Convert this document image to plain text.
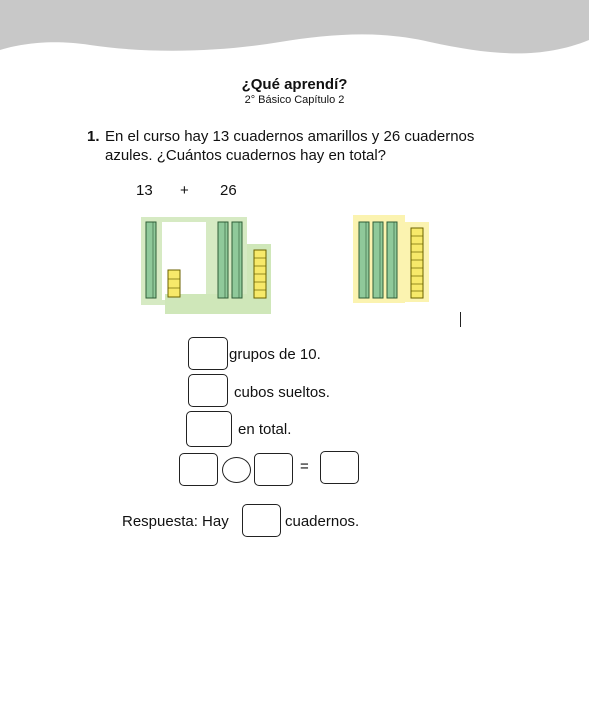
¿Qué aprendí?
2° Básico Capítulo 2
1. En el curso hay 13 cuadernos amarillos y 26 cuadernos azules. ¿Cuántos cuadernos hay en total?
13 + 26
grupos de 10.
cubos sueltos.
en total.
=
Respuesta: Hay	cuadernos.
